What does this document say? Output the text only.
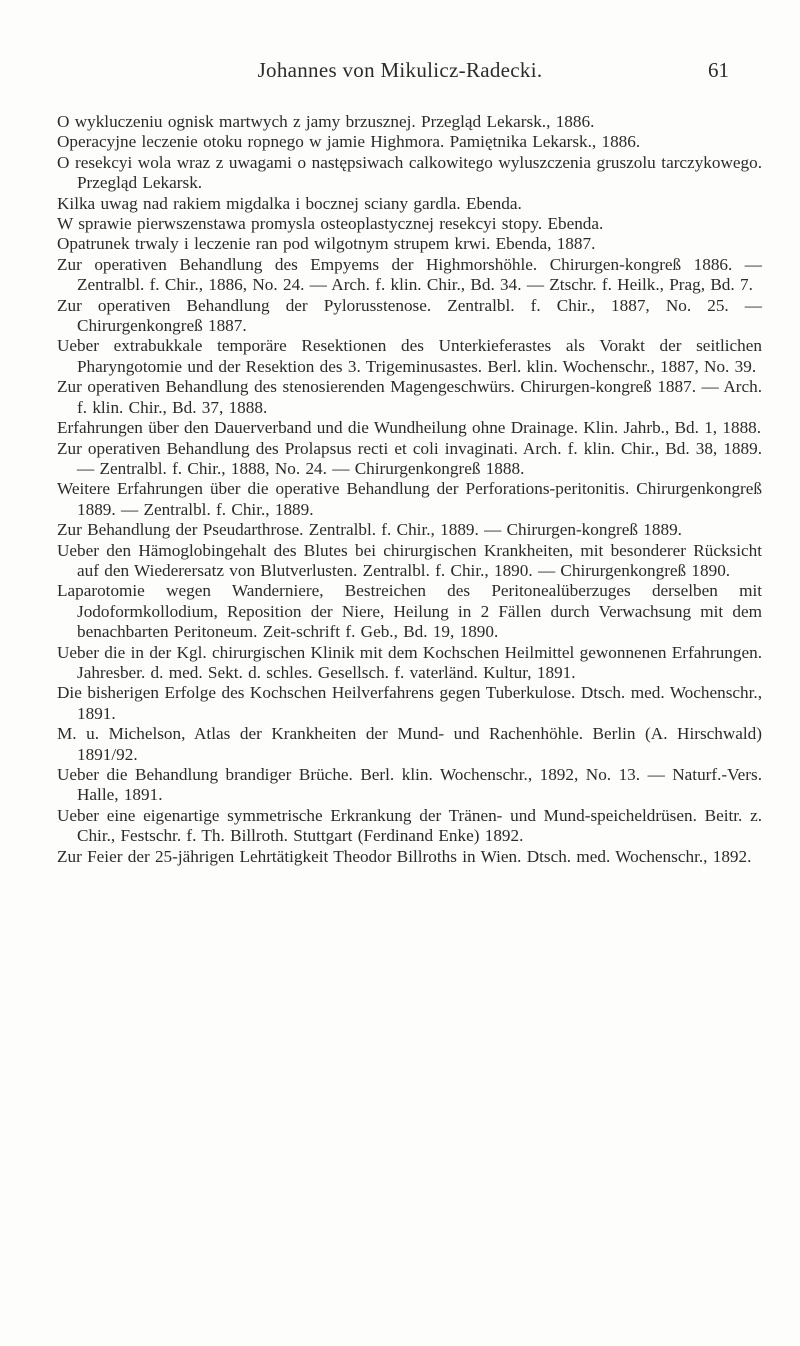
Johannes von Mikulicz-Radecki.	61
O wykluczeniu ognisk martwych z jamy brzusznej. Przegląd Lekarsk., 1886.
Operacyjne leczenie otoku ropnego w jamie Highmora. Pamiętnika Lekarsk., 1886.
O resekcyi wola wraz z uwagami o następsiwach calkowitego wyluszczenia gruszolu tarczykowego. Przegląd Lekarsk.
Kilka uwag nad rakiem migdalka i bocznej sciany gardla. Ebenda.
W sprawie pierwszenstawa promysla osteoplastycznej resekcyi stopy. Ebenda.
Opatrunek trwaly i leczenie ran pod wilgotnym strupem krwi. Ebenda, 1887.
Zur operativen Behandlung des Empyems der Highmorshöhle. Chirurgen-kongreß 1886. — Zentralbl. f. Chir., 1886, No. 24. — Arch. f. klin. Chir., Bd. 34. — Ztschr. f. Heilk., Prag, Bd. 7.
Zur operativen Behandlung der Pylorusstenose. Zentralbl. f. Chir., 1887, No. 25. — Chirurgenkongreß 1887.
Ueber extrabukkale temporäre Resektionen des Unterkieferastes als Vorakt der seitlichen Pharyngotomie und der Resektion des 3. Trigeminusastes. Berl. klin. Wochenschr., 1887, No. 39.
Zur operativen Behandlung des stenosierenden Magengeschwürs. Chirurgen-kongreß 1887. — Arch. f. klin. Chir., Bd. 37, 1888.
Erfahrungen über den Dauerverband und die Wundheilung ohne Drainage. Klin. Jahrb., Bd. 1, 1888.
Zur operativen Behandlung des Prolapsus recti et coli invaginati. Arch. f. klin. Chir., Bd. 38, 1889. — Zentralbl. f. Chir., 1888, No. 24. — Chirurgenkongreß 1888.
Weitere Erfahrungen über die operative Behandlung der Perforations-peritonitis. Chirurgenkongreß 1889. — Zentralbl. f. Chir., 1889.
Zur Behandlung der Pseudarthrose. Zentralbl. f. Chir., 1889. — Chirurgen-kongreß 1889.
Ueber den Hämoglobingehalt des Blutes bei chirurgischen Krankheiten, mit besonderer Rücksicht auf den Wiederersatz von Blutverlusten. Zentralbl. f. Chir., 1890. — Chirurgenkongreß 1890.
Laparotomie wegen Wanderniere, Bestreichen des Peritonealüberzuges derselben mit Jodoformkollodium, Reposition der Niere, Heilung in 2 Fällen durch Verwachsung mit dem benachbarten Peritoneum. Zeit-schrift f. Geb., Bd. 19, 1890.
Ueber die in der Kgl. chirurgischen Klinik mit dem Kochschen Heilmittel gewonnenen Erfahrungen. Jahresber. d. med. Sekt. d. schles. Gesellsch. f. vaterländ. Kultur, 1891.
Die bisherigen Erfolge des Kochschen Heilverfahrens gegen Tuberkulose. Dtsch. med. Wochenschr., 1891.
M. u. Michelson, Atlas der Krankheiten der Mund- und Rachenhöhle. Berlin (A. Hirschwald) 1891/92.
Ueber die Behandlung brandiger Brüche. Berl. klin. Wochenschr., 1892, No. 13. — Naturf.-Vers. Halle, 1891.
Ueber eine eigenartige symmetrische Erkrankung der Tränen- und Mund-speicheldrüsen. Beitr. z. Chir., Festschr. f. Th. Billroth. Stuttgart (Ferdinand Enke) 1892.
Zur Feier der 25-jährigen Lehrtätigkeit Theodor Billroths in Wien. Dtsch. med. Wochenschr., 1892.
